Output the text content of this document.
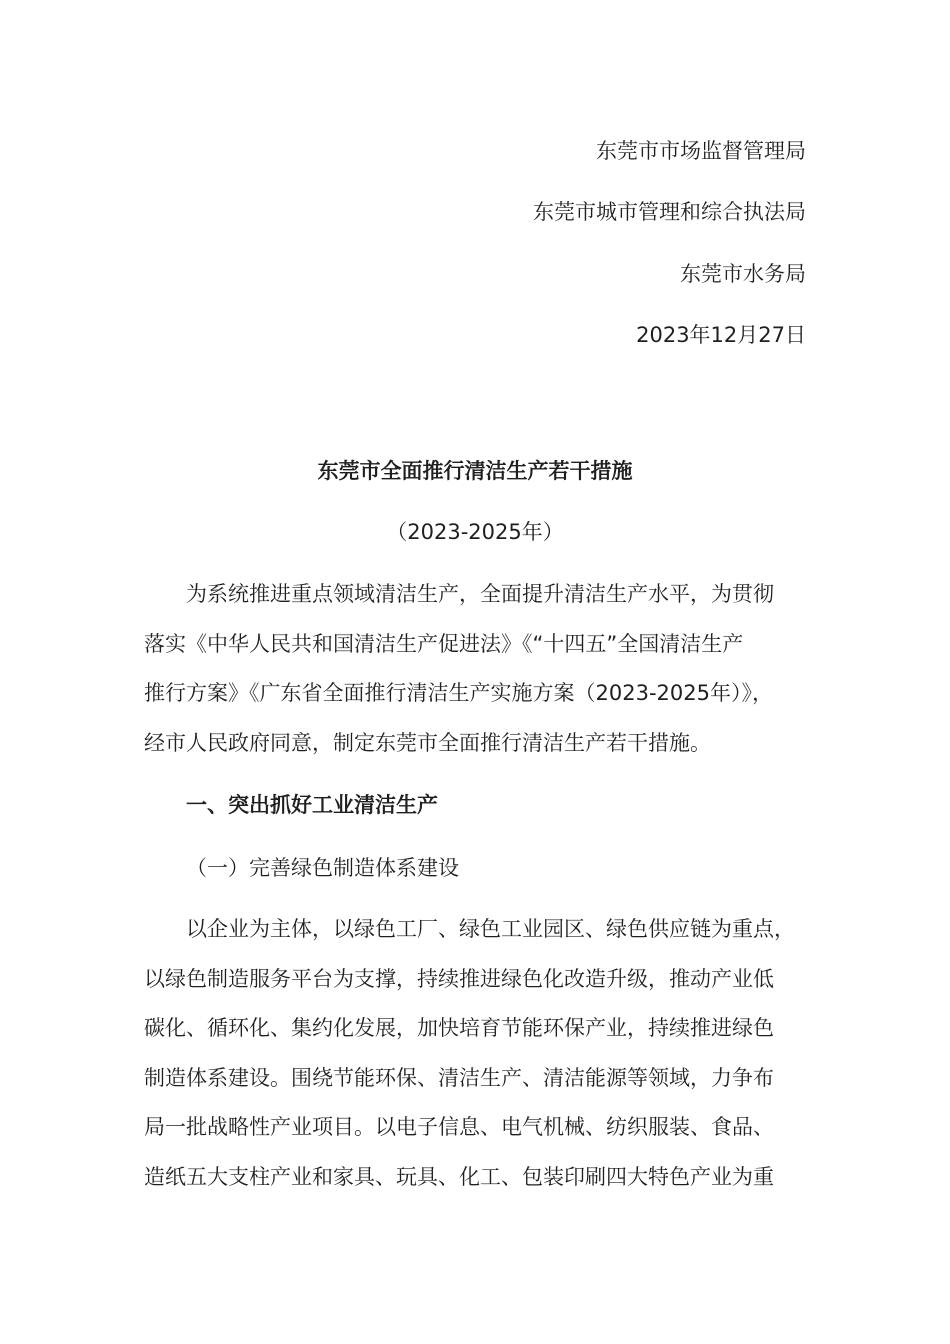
东莞市市场监督管理局
东莞市城市管理和综合执法局
东莞市水务局
2023年12月27日
东莞市全面推行清洁生产若干措施
（2023-2025年）
为系统推进重点领域清洁生产，全面提升清洁生产水平，为贯彻
落实《中华人民共和国清洁生产促进法》《“十四五”全国清洁生产
推行方案》《广东省全面推行清洁生产实施方案（2023-2025年）》，
经市人民政府同意，制定东莞市全面推行清洁生产若干措施。
一、突出抓好工业清洁生产
（一）完善绿色制造体系建设
以企业为主体，以绿色工厂、绿色工业园区、绿色供应链为重点，
以绿色制造服务平台为支撑，持续推进绿色化改造升级，推动产业低
碳化、循环化、集约化发展，加快培育节能环保产业，持续推进绿色
制造体系建设。围绕节能环保、清洁生产、清洁能源等领域，力争布
局一批战略性产业项目。以电子信息、电气机械、纺织服装、食品、
造纸五大支柱产业和家具、玩具、化工、包装印刷四大特色产业为重
